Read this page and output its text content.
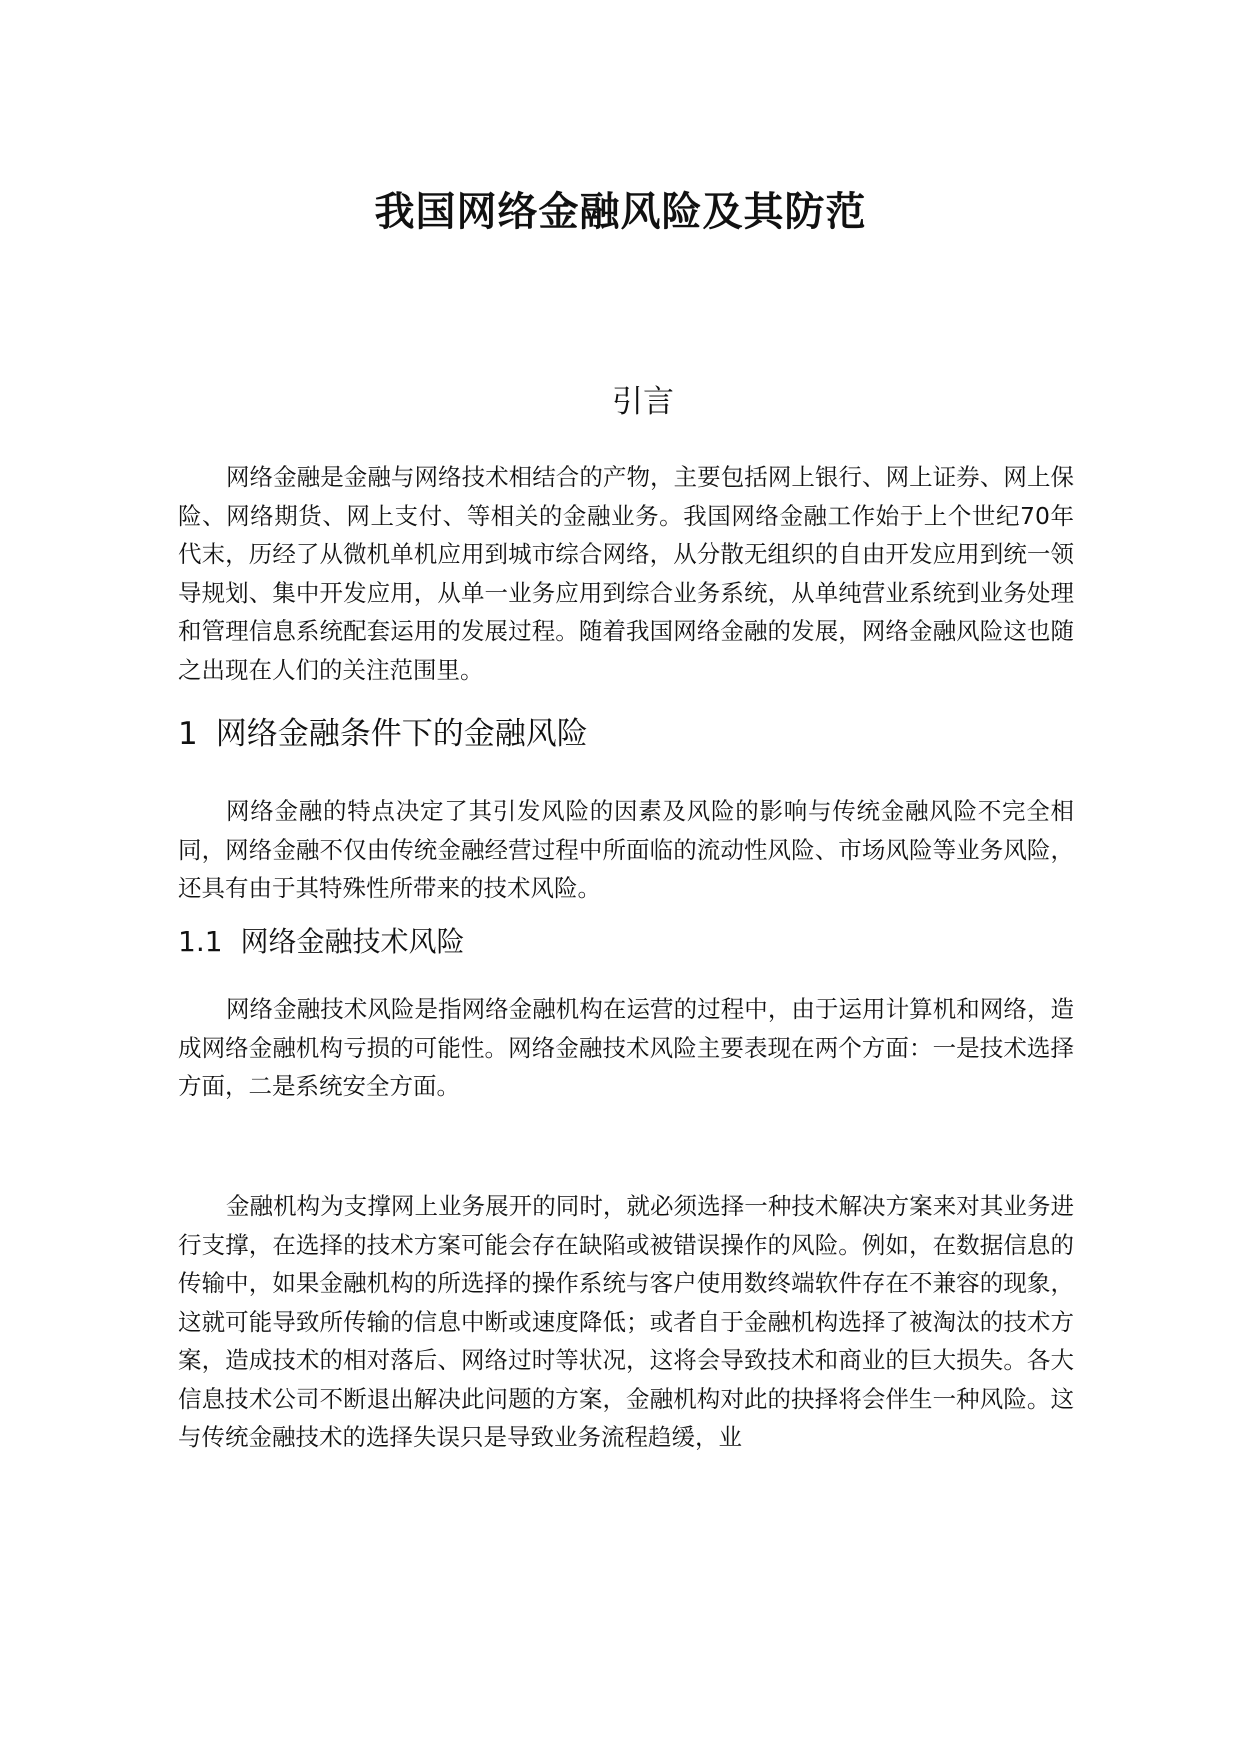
我国网络金融风险及其防范
引言

网络金融是金融与网络技术相结合的产物，主要包括网上银行、网上证券、网上保险、网络期货、网上支付、等相关的金融业务。我国网络金融工作始于上个世纪70年代末，历经了从微机单机应用到城市综合网络，从分散无组织的自由开发应用到统一领导规划、集中开发应用，从单一业务应用到综合业务系统，从单纯营业系统到业务处理和管理信息系统配套运用的发展过程。随着我国网络金融的发展，网络金融风险这也随之出现在人们的关注范围里。

1 网络金融条件下的金融风险

网络金融的特点决定了其引发风险的因素及风险的影响与传统金融风险不完全相同，网络金融不仅由传统金融经营过程中所面临的流动性风险、市场风险等业务风险，还具有由于其特殊性所带来的技术风险。

1.1 网络金融技术风险

网络金融技术风险是指网络金融机构在运营的过程中，由于运用计算机和网络，造成网络金融机构亏损的可能性。网络金融技术风险主要表现在两个方面：一是技术选择方面，二是系统安全方面。

金融机构为支撑网上业务展开的同时，就必须选择一种技术解决方案来对其业务进行支撑，在选择的技术方案可能会存在缺陷或被错误操作的风险。例如，在数据信息的传输中，如果金融机构的所选择的操作系统与客户使用数终端软件存在不兼容的现象，这就可能导致所传输的信息中断或速度降低；或者自于金融机构选择了被淘汰的技术方案，造成技术的相对落后、网络过时等状况，这将会导致技术和商业的巨大损失。各大信息技术公司不断退出解决此问题的方案，金融机构对此的抉择将会伴生一种风险。这与传统金融技术的选择失误只是导致业务流程趋缓，业
